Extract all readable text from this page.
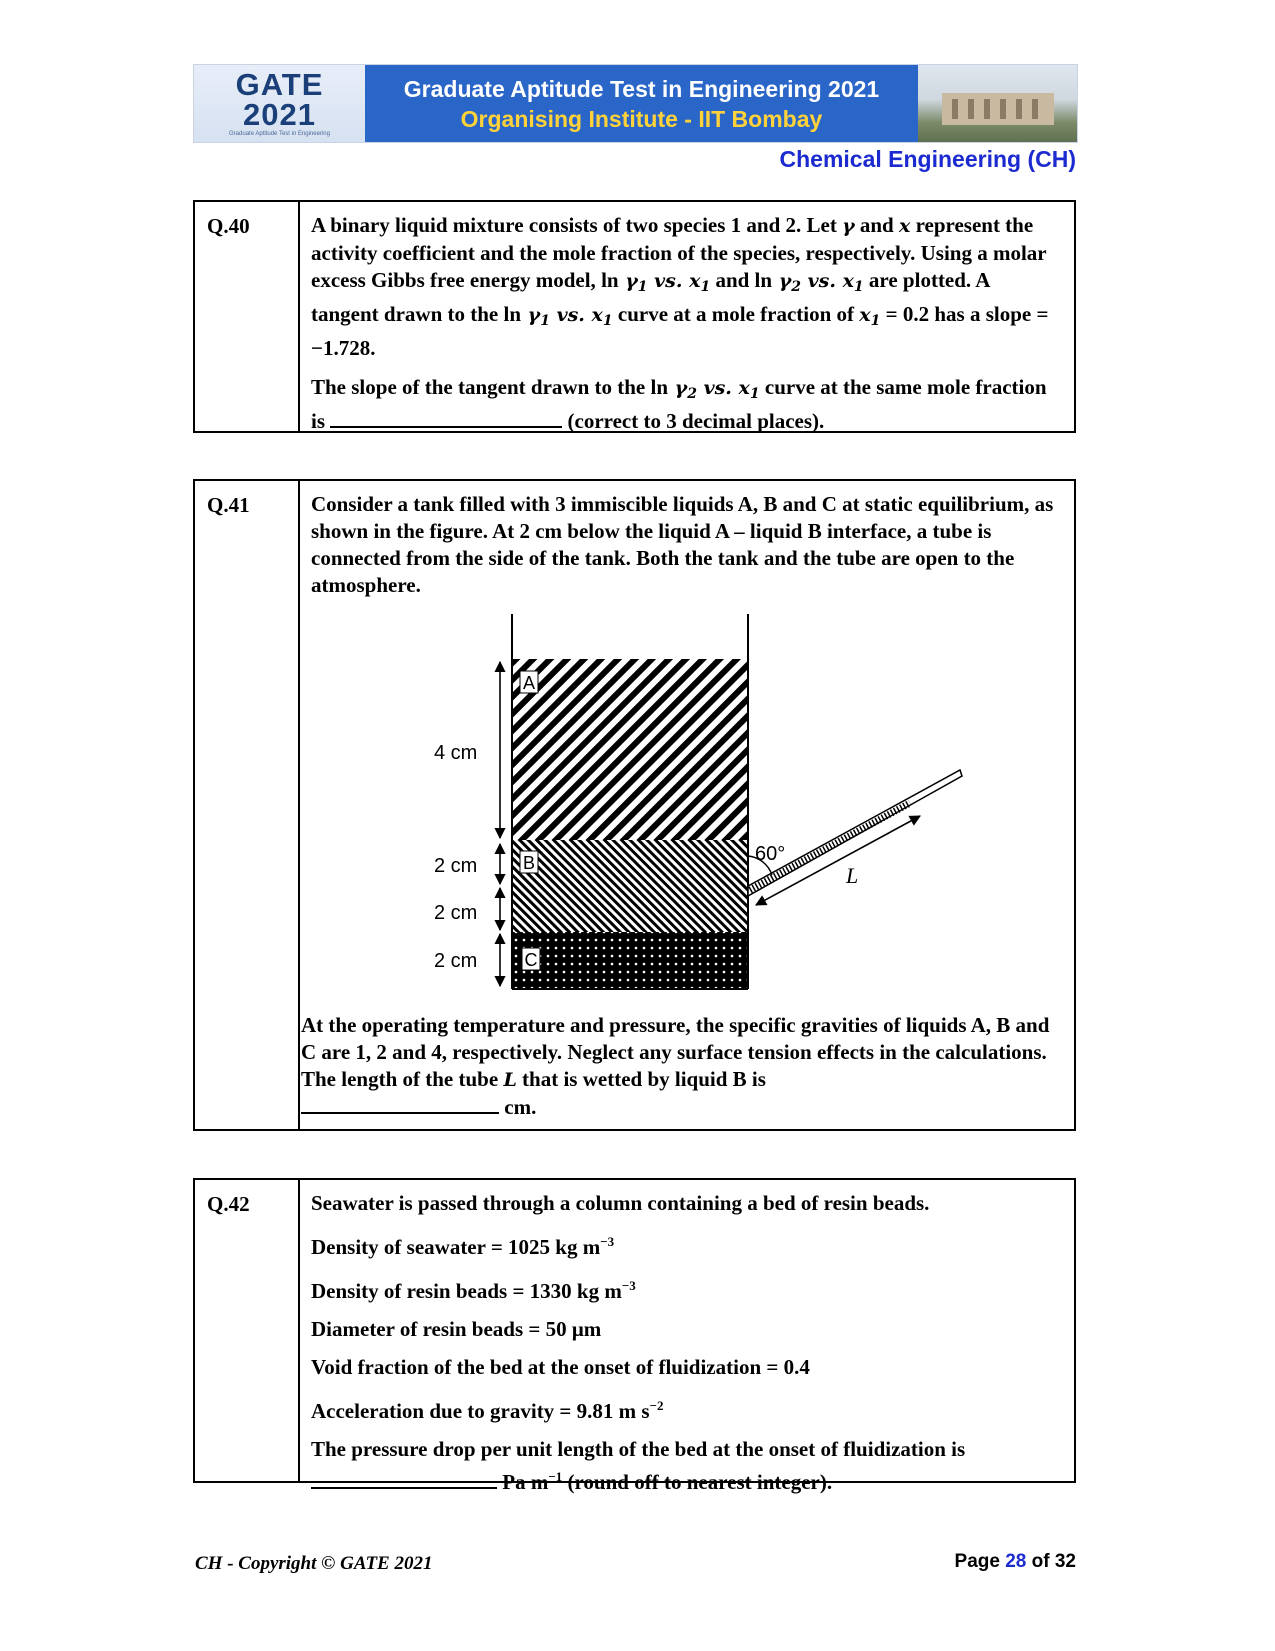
GATE
2021
Graduate Aptitude Test in Engineering
Graduate Aptitude Test in Engineering 2021
Organising Institute - IIT Bombay
Chemical Engineering (CH)
Q.40	A binary liquid mixture consists of two species 1 and 2. Let γ and x represent the activity coefficient and the mole fraction of the species, respectively. Using a molar excess Gibbs free energy model, $\ln \gamma_1$ vs. $x_1$ and $\ln \gamma_2$ vs. $x_1$ are plotted. A tangent drawn to the $\ln \gamma_1$ vs. $x_1$ curve at a mole fraction of $x_1 = 0.2$ has a slope = −1.728.

The slope of the tangent drawn to the $\ln \gamma_2$ vs. $x_1$ curve at the same mole fraction is	(correct to 3 decimal places).

Q.41	Consider a tank filled with 3 immiscible liquids A, B and C at static equilibrium, as shown in the figure. At 2 cm below the liquid A – liquid B interface, a tube is connected from the side of the tank. Both the tank and the tube are open to the atmosphere.

A
B
C
4 cm
2 cm
2 cm
2 cm
60°
L
At the operating temperature and pressure, the specific gravities of liquids A, B and C are 1, 2 and 4, respectively. Neglect any surface tension effects in the calculations. The length of the tube L that is wetted by liquid B is
cm.
Q.42	Seawater is passed through a column containing a bed of resin beads.

Density of seawater = 1025 kg $m^{-3}$

Density of resin beads = 1330 kg $m^{-3}$

Diameter of resin beads = 50 μm

Void fraction of the bed at the onset of fluidization = 0.4

Acceleration due to gravity = 9.81 m $s^{-2}$

The pressure drop per unit length of the bed at the onset of fluidization is
Pa $m^{-1}$ (round off to nearest integer).

CH - Copyright © GATE 2021	Page 28 of 32
